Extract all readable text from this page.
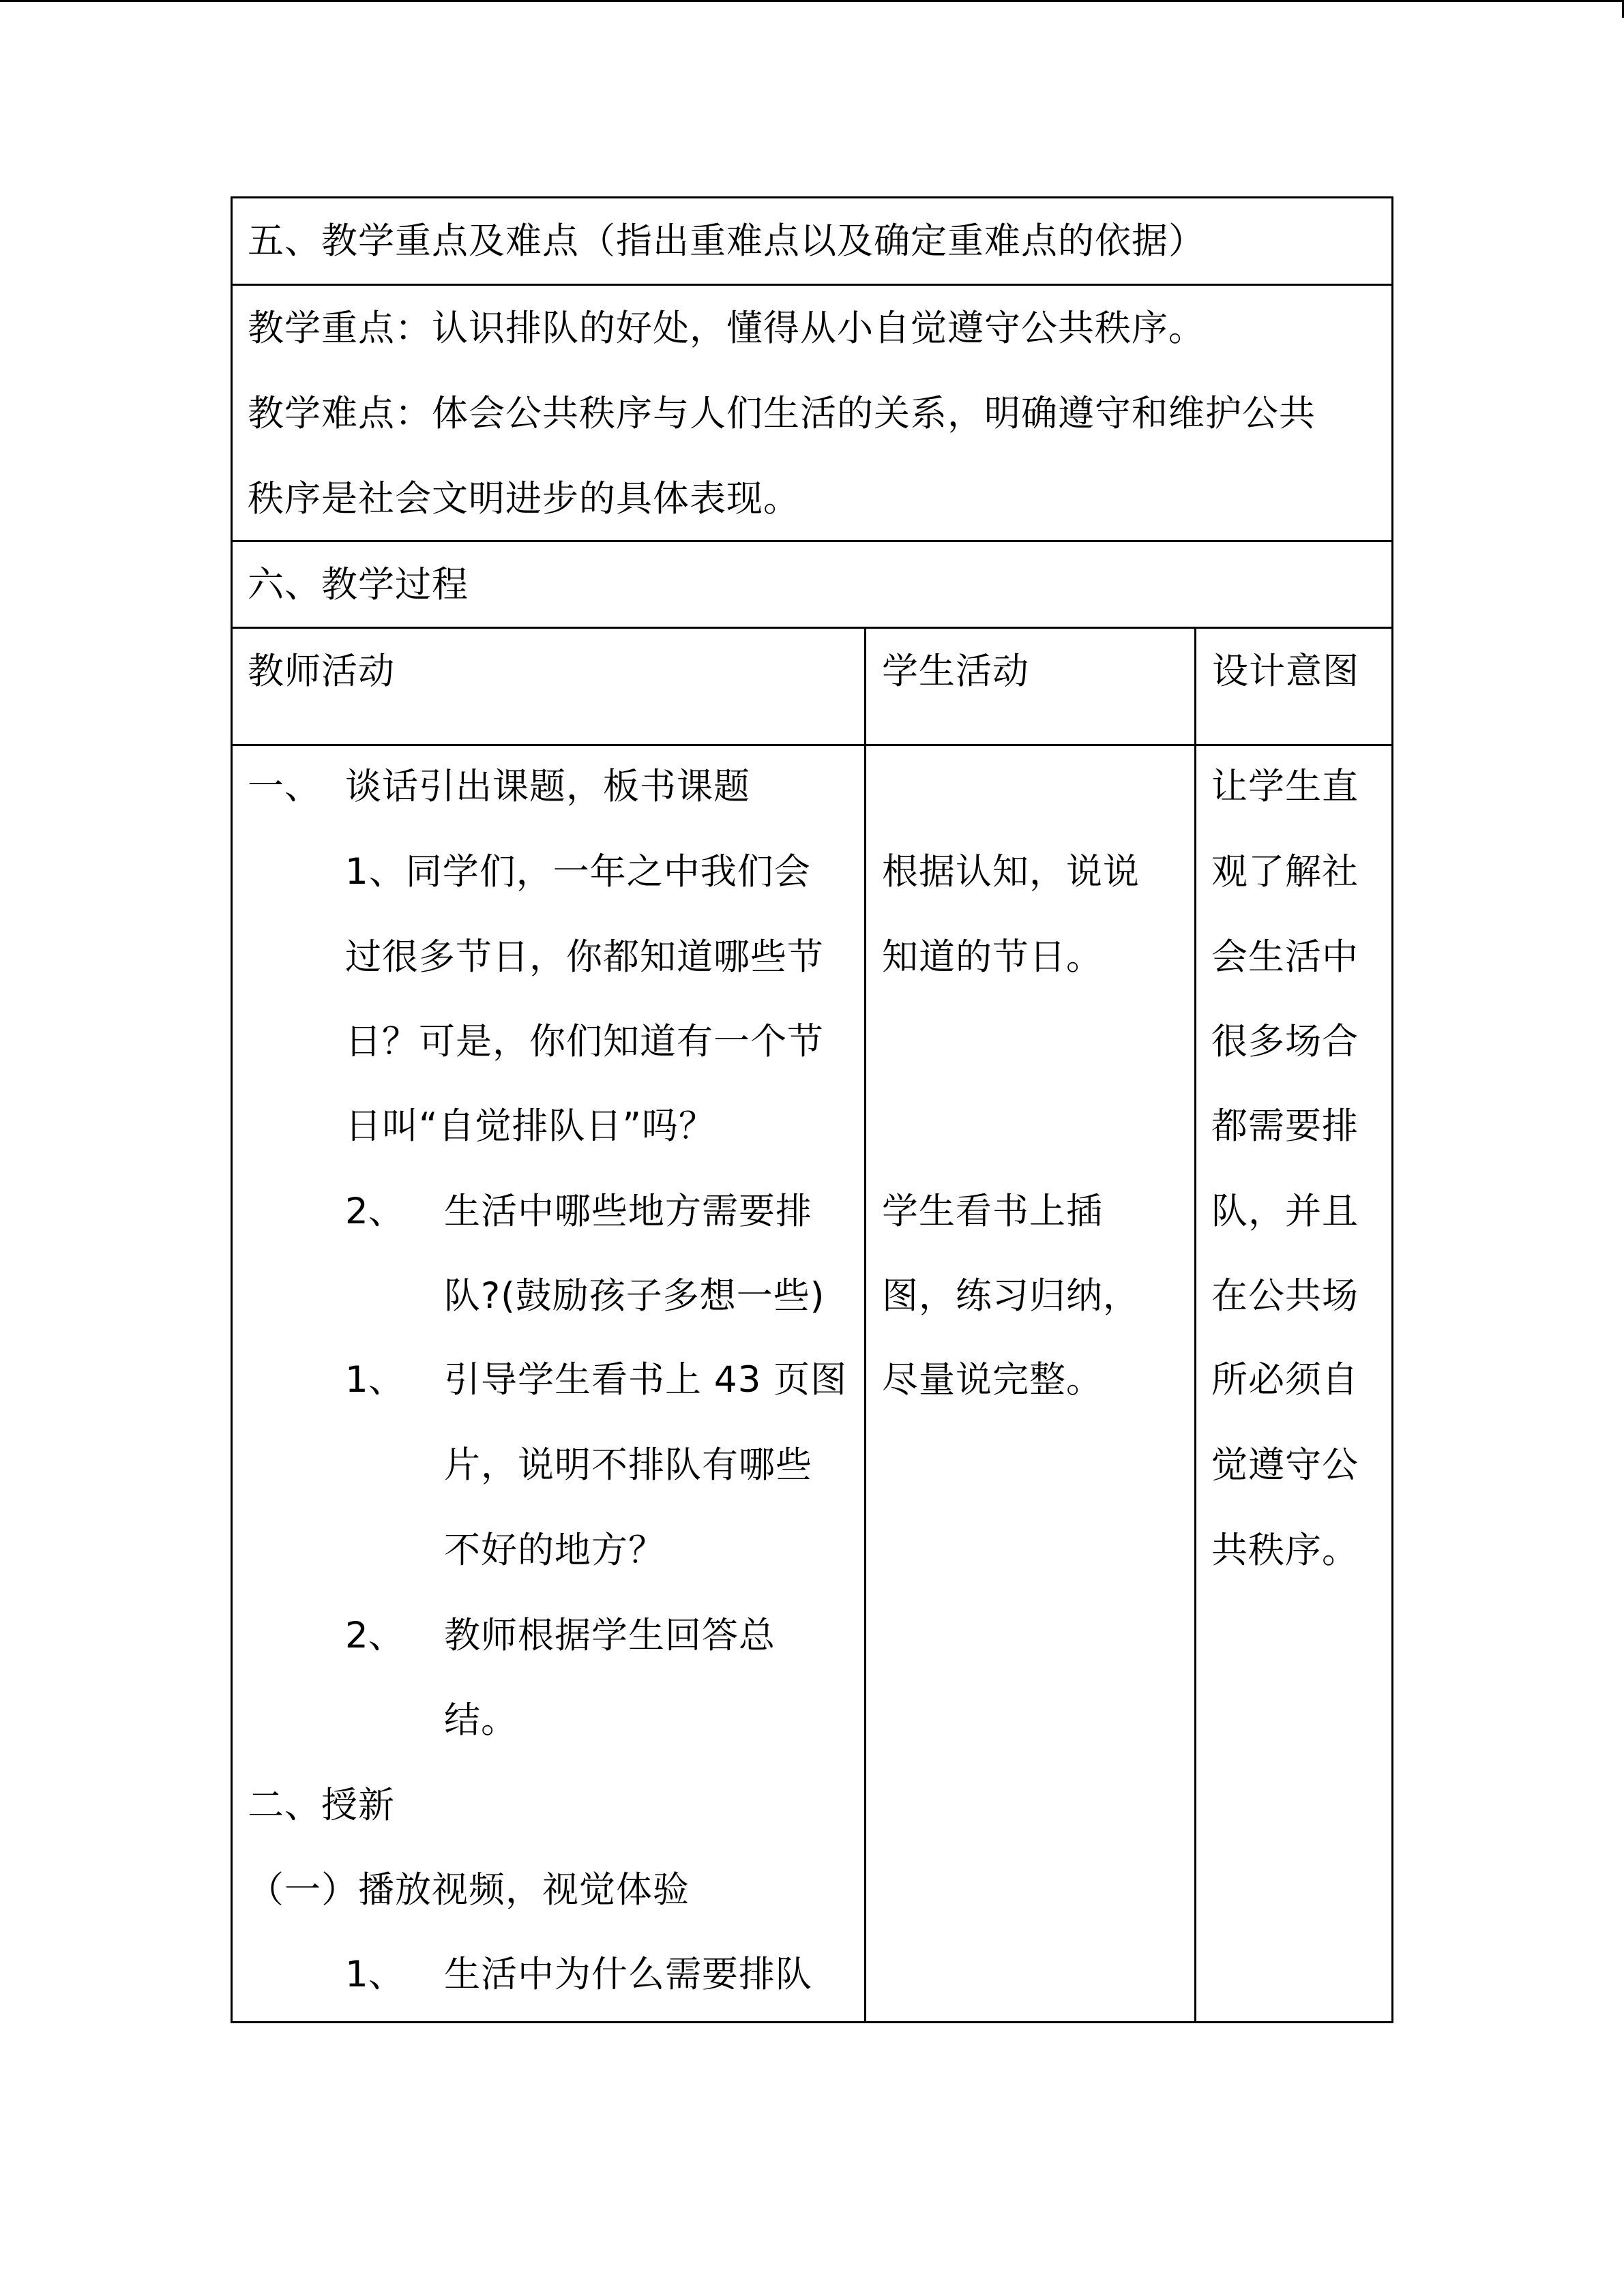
五、教学重点及难点（指出重难点以及确定重难点的依据）
教学重点：认识排队的好处，懂得从小自觉遵守公共秩序。
教学难点：体会公共秩序与人们生活的关系，明确遵守和维护公共
秩序是社会文明进步的具体表现。
六、教学过程
教师活动	学生活动	设计意图
一、 谈话引出课题，板书课题
1、同学们，一年之中我们会
过很多节日，你都知道哪些节
日？可是，你们知道有一个节
日叫“自觉排队日”吗？
2、 生活中哪些地方需要排
队?(鼓励孩子多想一些)
1、 引导学生看书上 43 页图
片，说明不排队有哪些
不好的地方？
2、 教师根据学生回答总
结。
二、授新
（一）播放视频，视觉体验
1、 生活中为什么需要排队
根据认知，说说
知道的节日。
学生看书上插
图，练习归纳，
尽量说完整。
让学生直
观了解社
会生活中
很多场合
都需要排
队，并且
在公共场
所必须自
觉遵守公
共秩序。
